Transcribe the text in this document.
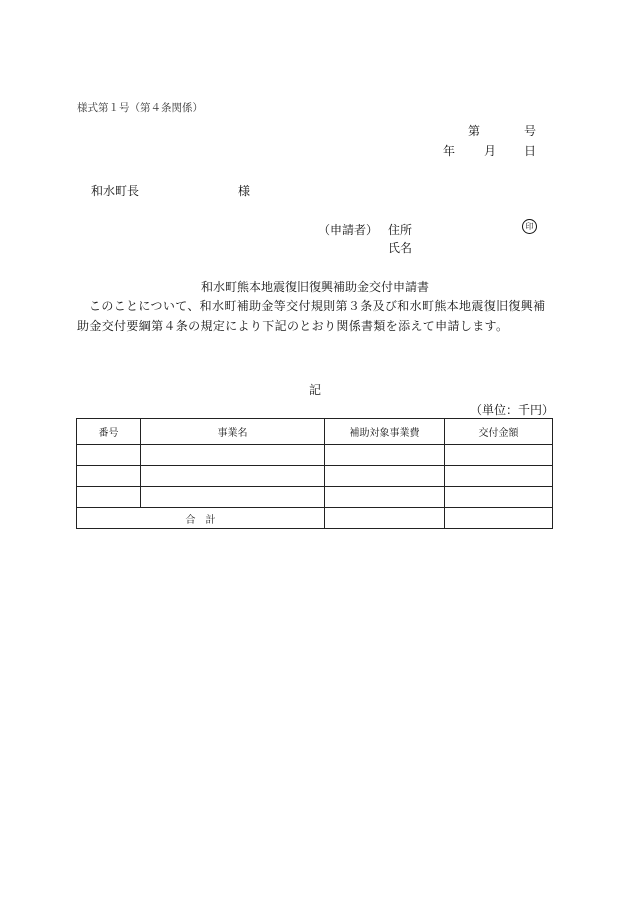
様式第１号（第４条関係）
第	号
年 月 日
和水町長	様
（申請者） 住所	印
氏名
和水町熊本地震復旧復興補助金交付申請書
このことについて、和水町補助金等交付規則第３条及び和水町熊本地震復旧復興補助金交付要綱第４条の規定により下記のとおり関係書類を添えて申請します。
記
（単位：千円）
番号	事業名	補助対象事業費	交付金額

合　計			
